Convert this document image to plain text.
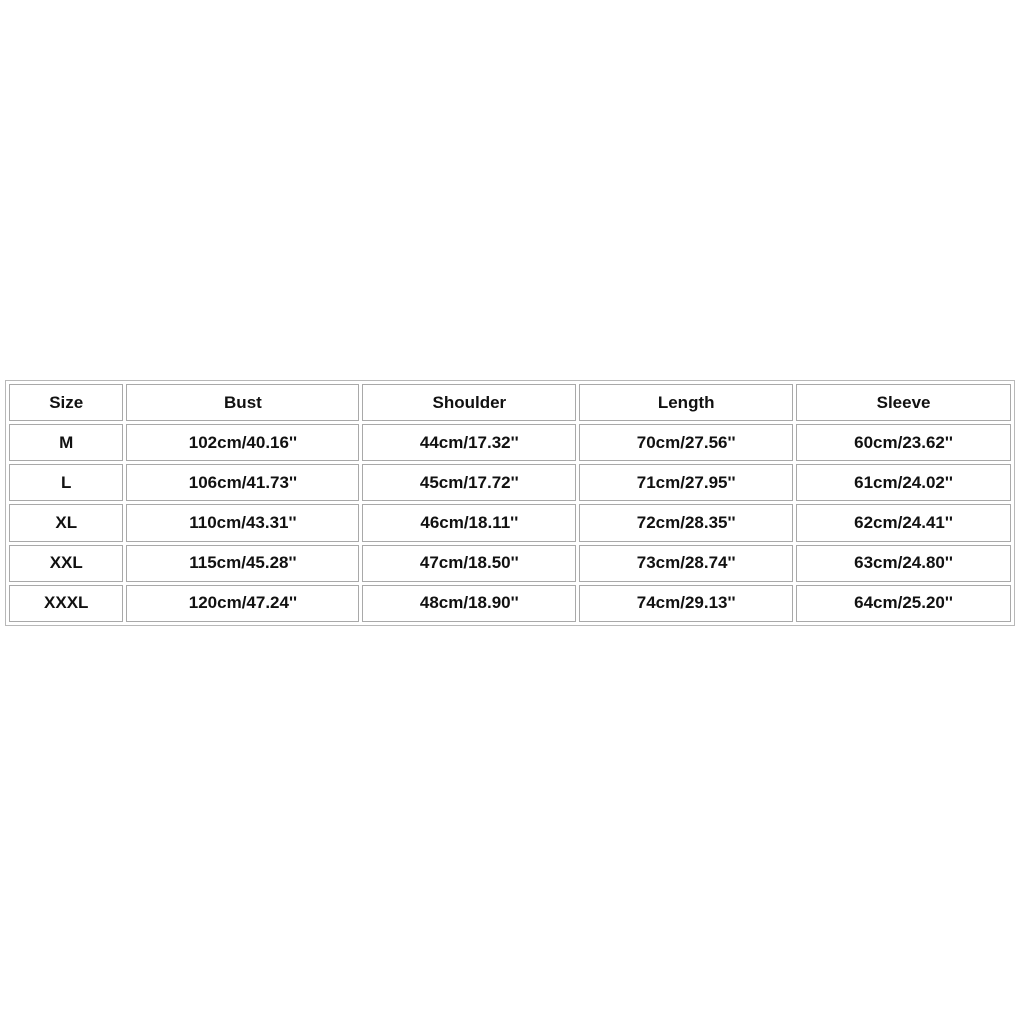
Size	Bust	Shoulder	Length	Sleeve
M	102cm/40.16''	44cm/17.32''	70cm/27.56''	60cm/23.62''
L	106cm/41.73''	45cm/17.72''	71cm/27.95''	61cm/24.02''
XL	110cm/43.31''	46cm/18.11''	72cm/28.35''	62cm/24.41''
XXL	115cm/45.28''	47cm/18.50''	73cm/28.74''	63cm/24.80''
XXXL	120cm/47.24''	48cm/18.90''	74cm/29.13''	64cm/25.20''
